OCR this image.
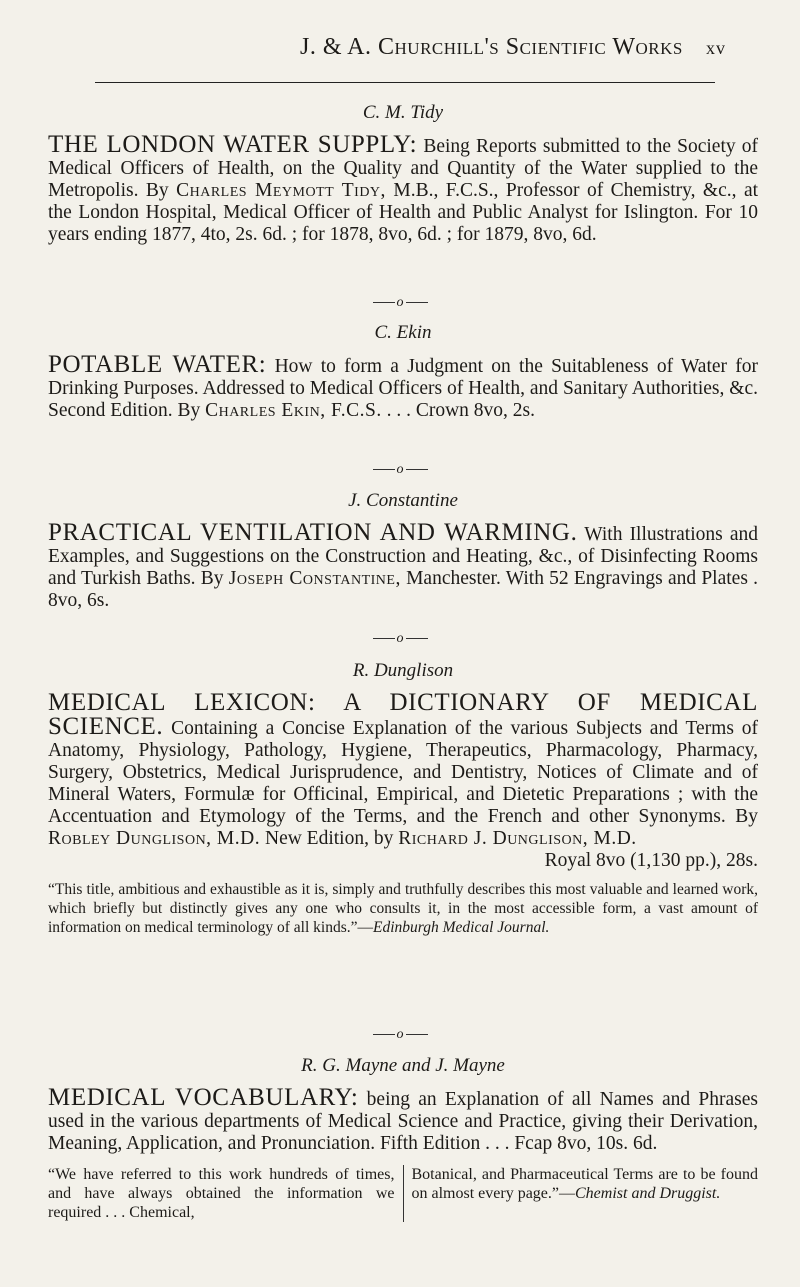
J. & A. Churchill's Scientific Works xv
C. M. Tidy
THE LONDON WATER SUPPLY: Being Reports submitted to the Society of Medical Officers of Health, on the Quality and Quantity of the Water supplied to the Metropolis. By Charles Meymott Tidy, M.B., F.C.S., Professor of Chemistry, &c., at the London Hospital, Medical Officer of Health and Public Analyst for Islington. For 10 years ending 1877, 4to, 2s. 6d. ; for 1878, 8vo, 6d. ; for 1879, 8vo, 6d.
o
C. Ekin
POTABLE WATER: How to form a Judgment on the Suitableness of Water for Drinking Purposes. Addressed to Medical Officers of Health, and Sanitary Authorities, &c. Second Edition. By Charles Ekin, F.C.S. . . . Crown 8vo, 2s.
o
J. Constantine
PRACTICAL VENTILATION AND WARMING. With Illustrations and Examples, and Suggestions on the Construction and Heating, &c., of Disinfecting Rooms and Turkish Baths. By Joseph Constantine, Manchester. With 52 Engravings and Plates . 8vo, 6s.
o
R. Dunglison
MEDICAL LEXICON: A DICTIONARY OF MEDICAL SCIENCE. Containing a Concise Explanation of the various Subjects and Terms of Anatomy, Physiology, Pathology, Hygiene, Therapeutics, Pharmacology, Pharmacy, Surgery, Obstetrics, Medical Jurisprudence, and Dentistry, Notices of Climate and of Mineral Waters, Formulæ for Officinal, Empirical, and Dietetic Preparations ; with the Accentuation and Etymology of the Terms, and the French and other Synonyms. By Robley Dunglison, M.D. New Edition, by Richard J. Dunglison, M.D.
Royal 8vo (1,130 pp.), 28s.
“This title, ambitious and exhaustible as it is, simply and truthfully describes this most valuable and learned work, which briefly but distinctly gives any one who consults it, in the most accessible form, a vast amount of information on medical terminology of all kinds.”—Edinburgh Medical Journal.
o
R. G. Mayne and J. Mayne
MEDICAL VOCABULARY: being an Explanation of all Names and Phrases used in the various departments of Medical Science and Practice, giving their Derivation, Meaning, Application, and Pronunciation. Fifth Edition . . . Fcap 8vo, 10s. 6d.
“We have referred to this work hundreds of times, and have always obtained the information we required . . . Chemical,
Botanical, and Pharmaceutical Terms are to be found on almost every page.”—Chemist and Druggist.
